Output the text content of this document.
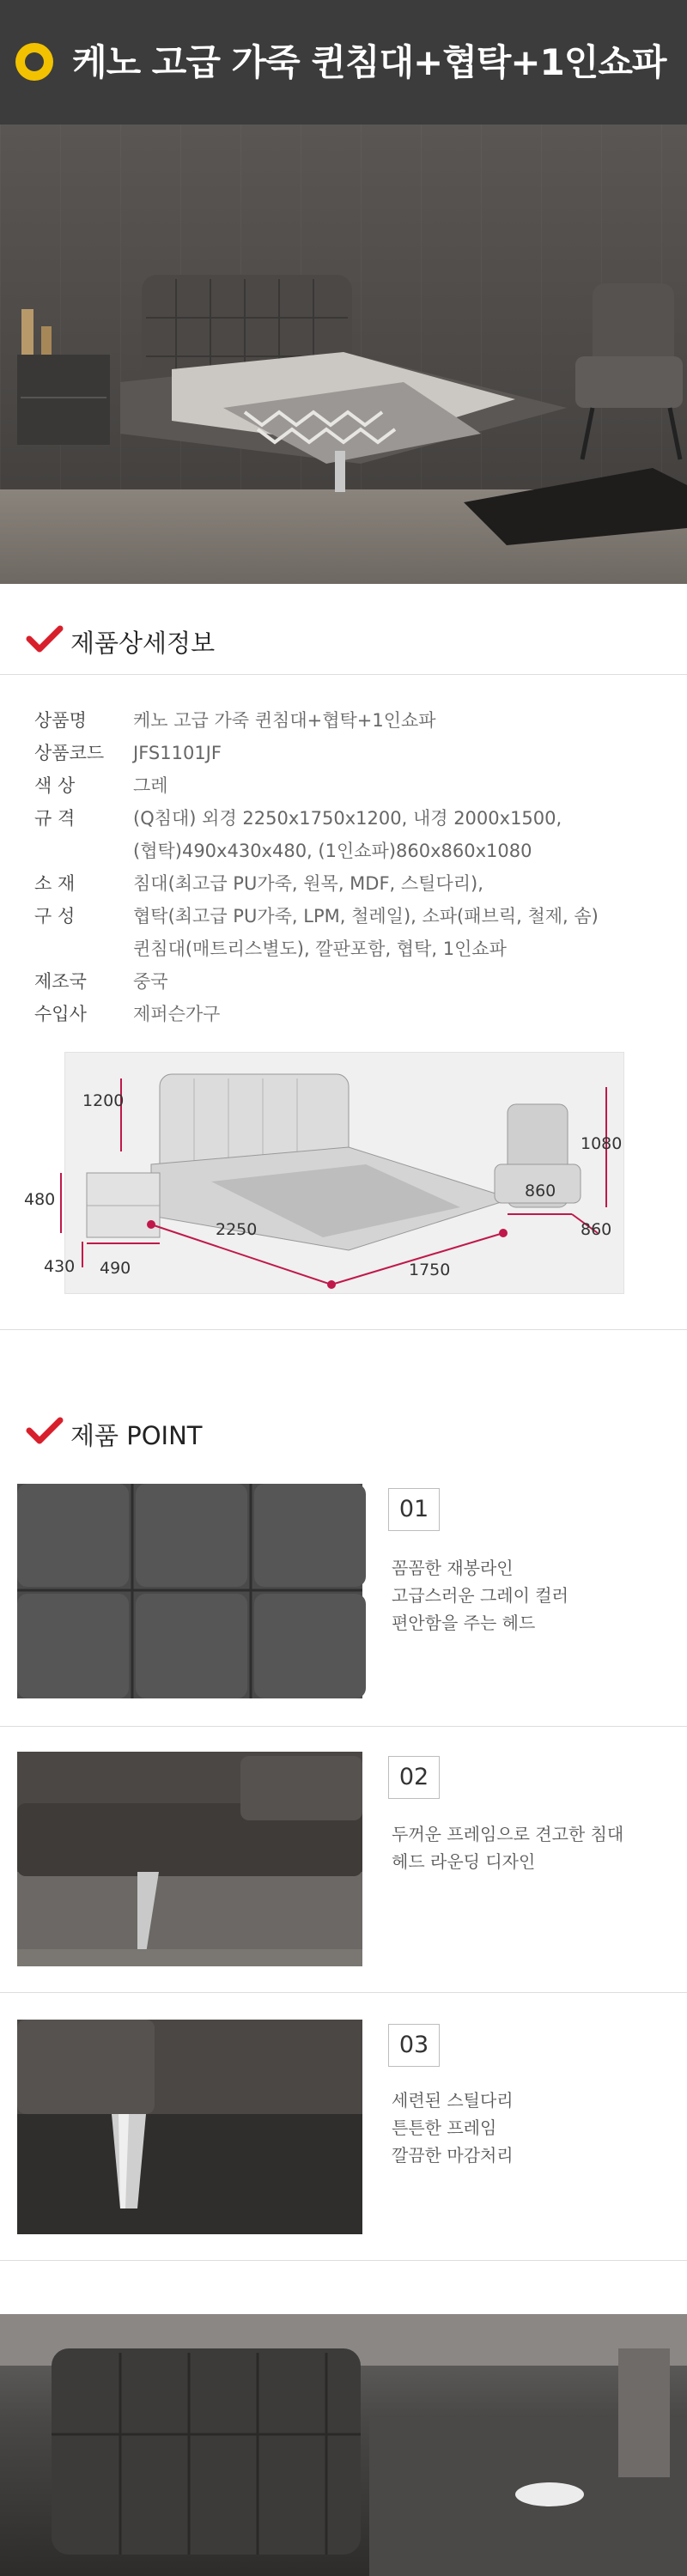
케노 고급 가죽 퀸침대+협탁+1인쇼파
제품상세정보
상품명	케노 고급 가죽 퀸침대+협탁+1인쇼파
상품코드	JFS1101JF
색 상	그레
규 격	(Q침대) 외경 2250x1750x1200, 내경 2000x1500,
(협탁)490x430x480, (1인쇼파)860x860x1080
소 재	침대(최고급 PU가죽, 원목, MDF, 스틸다리),
구 성	협탁(최고급 PU가죽, LPM, 철레일), 소파(패브릭, 철제, 솜)
퀸침대(매트리스별도), 깔판포함, 협탁, 1인쇼파
제조국	중국
수입사	제퍼슨가구
1200
480
430 490
2250
1750
860
860
1080
제품 POINT
01
꼼꼼한 재봉라인
고급스러운 그레이 컬러
편안함을 주는 헤드
02
두꺼운 프레임으로 견고한 침대
헤드 라운딩 디자인
03
세련된 스틸다리
튼튼한 프레임
깔끔한 마감처리
